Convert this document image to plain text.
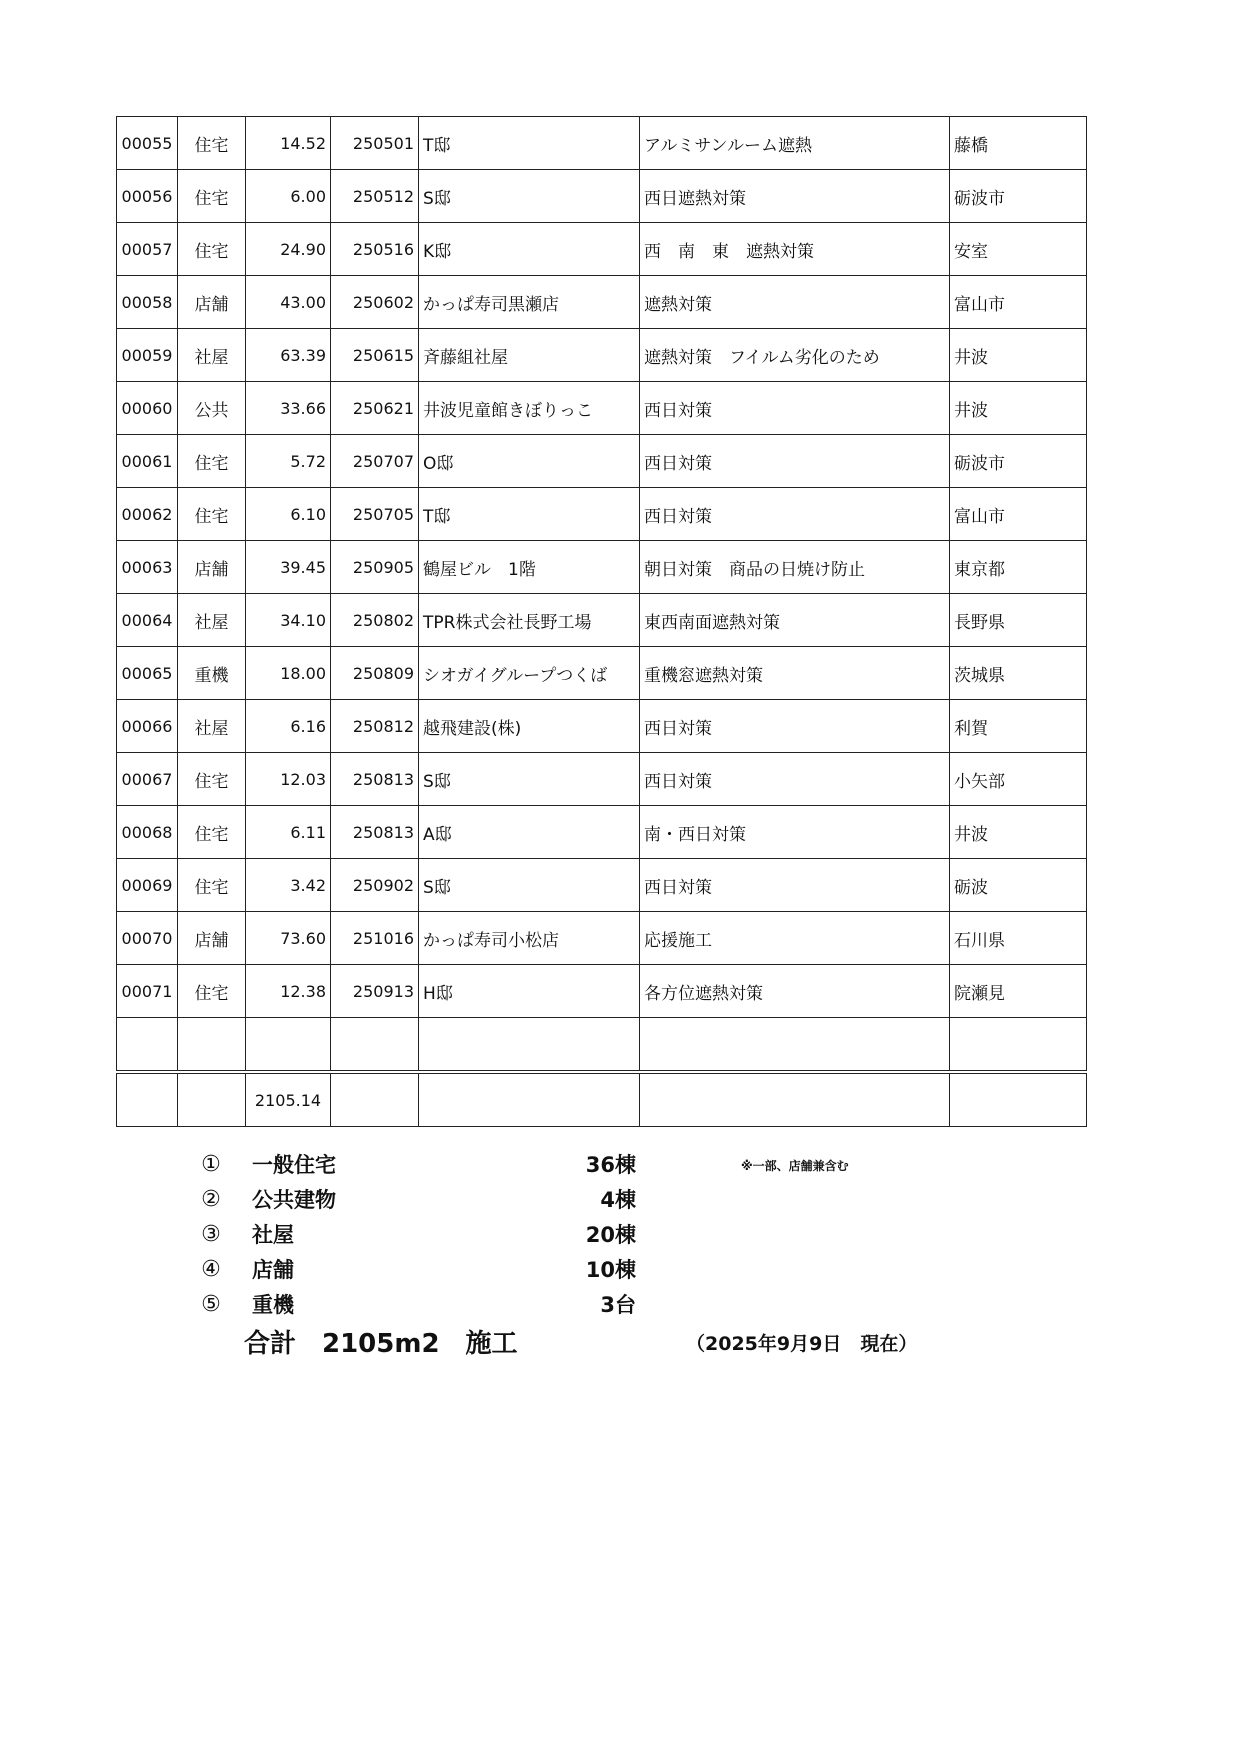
00055	住宅	14.52	250501	T邸	アルミサンルーム遮熱	藤橋
00056	住宅	6.00	250512	S邸	西日遮熱対策	砺波市
00057	住宅	24.90	250516	K邸	西　南　東　遮熱対策	安室
00058	店舗	43.00	250602	かっぱ寿司黒瀬店	遮熱対策	富山市
00059	社屋	63.39	250615	斉藤組社屋	遮熱対策　フイルム劣化のため	井波
00060	公共	33.66	250621	井波児童館きぼりっこ	西日対策	井波
00061	住宅	5.72	250707	O邸	西日対策	砺波市
00062	住宅	6.10	250705	T邸	西日対策	富山市
00063	店舗	39.45	250905	鶴屋ビル　1階	朝日対策　商品の日焼け防止	東京都
00064	社屋	34.10	250802	TPR株式会社長野工場	東西南面遮熱対策	長野県
00065	重機	18.00	250809	シオガイグループつくば	重機窓遮熱対策	茨城県
00066	社屋	6.16	250812	越飛建設(株)	西日対策	利賀
00067	住宅	12.03	250813	S邸	西日対策	小矢部
00068	住宅	6.11	250813	A邸	南・西日対策	井波
00069	住宅	3.42	250902	S邸	西日対策	砺波
00070	店舗	73.60	251016	かっぱ寿司小松店	応援施工	石川県
00071	住宅	12.38	250913	H邸	各方位遮熱対策	院瀬見

		2105.14				
① 一般住宅	36棟
② 公共建物	4棟
③ 社屋	20棟
④ 店舗	10棟
⑤ 重機	3台
※一部、店舗兼含む
合計　2105m2　施工	（2025年9月9日　現在）
